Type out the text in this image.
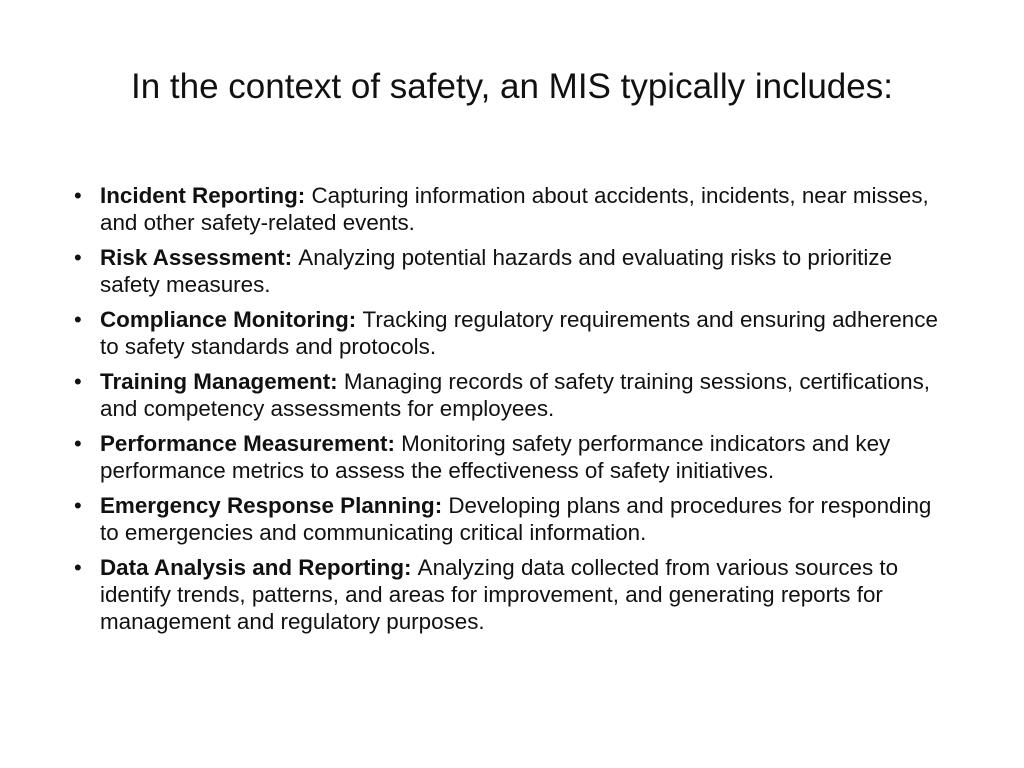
In the context of safety, an MIS typically includes:
• Incident Reporting: Capturing information about accidents, incidents, near misses, and other safety-related events.
• Risk Assessment: Analyzing potential hazards and evaluating risks to prioritize safety measures.
• Compliance Monitoring: Tracking regulatory requirements and ensuring adherence to safety standards and protocols.
• Training Management: Managing records of safety training sessions, certifications, and competency assessments for employees.
• Performance Measurement: Monitoring safety performance indicators and key performance metrics to assess the effectiveness of safety initiatives.
• Emergency Response Planning: Developing plans and procedures for responding to emergencies and communicating critical information.
• Data Analysis and Reporting: Analyzing data collected from various sources to identify trends, patterns, and areas for improvement, and generating reports for management and regulatory purposes.
